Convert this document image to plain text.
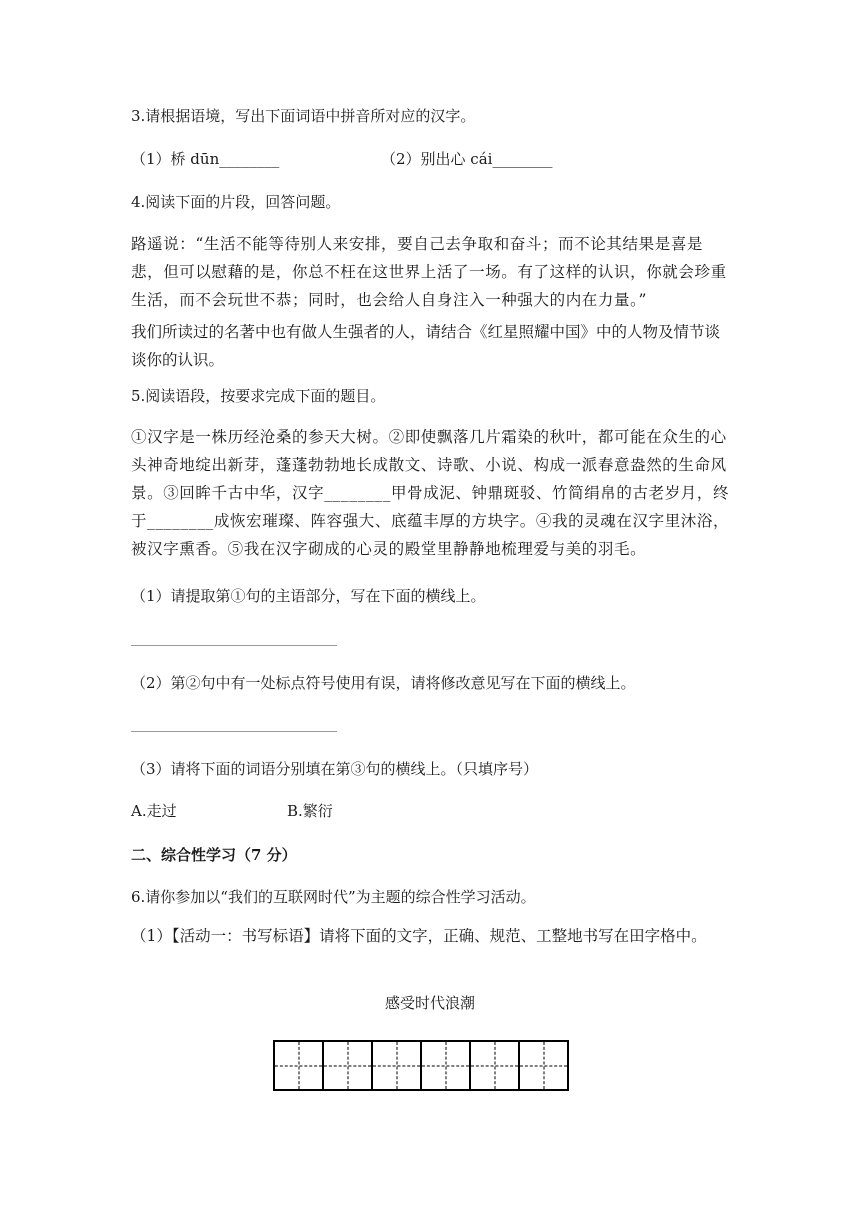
3.请根据语境，写出下面词语中拼音所对应的汉字。
（1）桥 dūn________	（2）别出心 cái________
4.阅读下面的片段，回答问题。
路遥说：“生活不能等待别人来安排，要自己去争取和奋斗；而不论其结果是喜是悲，但可以慰藉的是，你总不枉在这世界上活了一场。有了这样的认识，你就会珍重生活，而不会玩世不恭；同时，也会给人自身注入一种强大的内在力量。”
我们所读过的名著中也有做人生强者的人，请结合《红星照耀中国》中的人物及情节谈谈你的认识。
5.阅读语段，按要求完成下面的题目。
①汉字是一株历经沧桑的参天大树。②即使飘落几片霜染的秋叶，都可能在众生的心头神奇地绽出新芽，蓬蓬勃勃地长成散文、诗歌、小说、构成一派春意盎然的生命风景。③回眸千古中华，汉字________甲骨成泥、钟鼎斑驳、竹简绢帛的古老岁月，终于________成恢宏璀璨、阵容强大、底蕴丰厚的方块字。④我的灵魂在汉字里沐浴，被汉字熏香。⑤我在汉字砌成的心灵的殿堂里静静地梳理爱与美的羽毛。
（1）请提取第①句的主语部分，写在下面的横线上。
（2）第②句中有一处标点符号使用有误，请将修改意见写在下面的横线上。
（3）请将下面的词语分别填在第③句的横线上。（只填序号）
A.走过	B.繁衍
二、综合性学习（7 分）
6.请你参加以“我们的互联网时代”为主题的综合性学习活动。
（1）【活动一：书写标语】请将下面的文字，正确、规范、工整地书写在田字格中。
感受时代浪潮
